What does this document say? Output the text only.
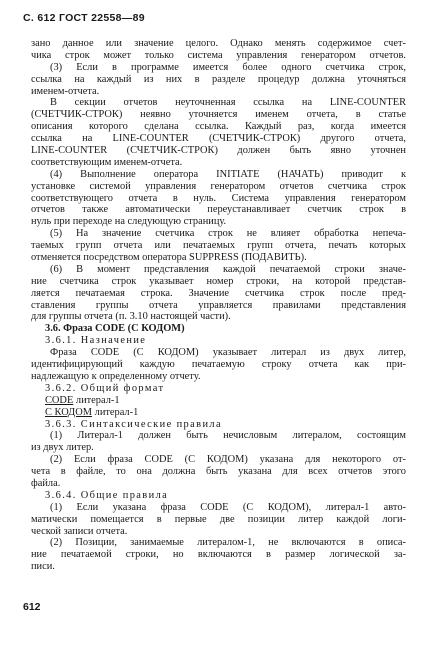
С. 612 ГОСТ 22558—89
зано данное или значение целого. Однако менять содержимое счет-
чика строк может только система управления генератором отчетов.
(3) Если в программе имеется более одного счетчика строк,
ссылка на каждый из них в разделе процедур должна уточняться
именем-отчета.
В секции отчетов неуточненная ссылка на LINE-COUNTER
(СЧЕТЧИК-СТРОК) неявно уточняется именем отчета, в статье
описания которого сделана ссылка. Каждый раз, когда имеется
ссылка на LINE-COUNTER (СЧЕТЧИК-СТРОК) другого отчета,
LINE-COUNTER (СЧЕТЧИК-СТРОК) должен быть явно уточнен
соответствующим именем-отчета.
(4) Выполнение оператора INITIATE (НАЧАТЬ) приводит к
установке системой управления генератором отчетов счетчика строк
соответствующего отчета в нуль. Система управления генератором
отчетов также автоматически переустанавливает счетчик строк в
нуль при переходе на следующую страницу.
(5) На значение счетчика строк не влияет обработка непеча-
таемых групп отчета или печатаемых групп отчета, печать которых
отменяется посредством оператора SUPPRESS (ПОДАВИТЬ).
(6) В момент представления каждой печатаемой строки значе-
ние счетчика строк указывает номер строки, на которой представ-
ляется печатаемая строка. Значение счетчика строк после пред-
ставления группы отчета управляется правилами представления
для группы отчета (п. 3.10 настоящей части).
3.6. Фраза CODE (С КОДОМ)
3.6.1. Назначение
Фраза CODE (С КОДОМ) указывает литерал из двух литер,
идентифицирующий каждую печатаемую строку отчета как при-
надлежащую к определенному отчету.
3.6.2. Общий формат
CODE литерал-1
С КОДОМ литерал-1
3.6.3. Синтаксические правила
(1) Литерал-1 должен быть нечисловым литералом, состоящим
из двух литер.
(2) Если фраза CODE (С КОДОМ) указана для некоторого от-
чета в файле, то она должна быть указана для всех отчетов этого
файла.
3.6.4. Общие правила
(1) Если указана фраза CODE (С КОДОМ), литерал-1 авто-
матически помещается в первые две позиции литер каждой логи-
ческой записи отчета.
(2) Позиции, занимаемые литералом-1, не включаются в описа-
ние печатаемой строки, но включаются в размер логической за-
писи.
612
